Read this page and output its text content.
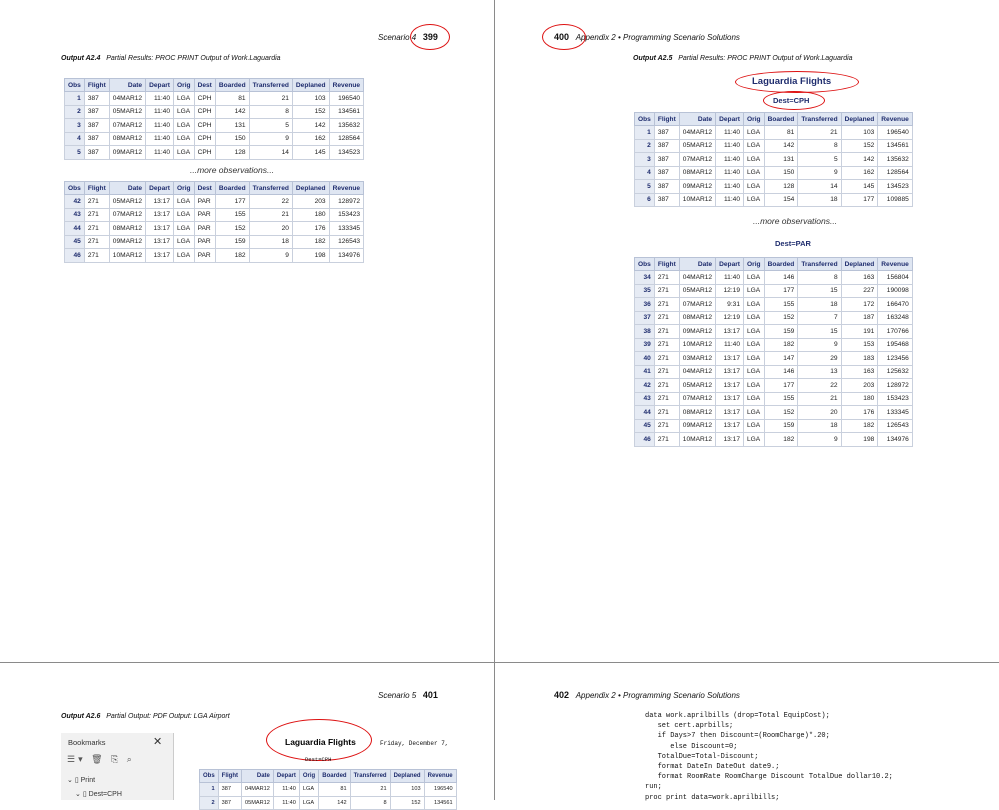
Scenario 4 399
Output A2.4 Partial Results: PROC PRINT Output of Work.Laguardia
Obs	Flight	Date	Depart	Orig	Dest	Boarded	Transferred	Deplaned	Revenue
1	387	04MAR12	11:40	LGA	CPH	81	21	103	196540
2	387	05MAR12	11:40	LGA	CPH	142	8	152	134561
3	387	07MAR12	11:40	LGA	CPH	131	5	142	135632
4	387	08MAR12	11:40	LGA	CPH	150	9	162	128564
5	387	09MAR12	11:40	LGA	CPH	128	14	145	134523
...more observations...
Obs	Flight	Date	Depart	Orig	Dest	Boarded	Transferred	Deplaned	Revenue
42	271	05MAR12	13:17	LGA	PAR	177	22	203	128972
43	271	07MAR12	13:17	LGA	PAR	155	21	180	153423
44	271	08MAR12	13:17	LGA	PAR	152	20	176	133345
45	271	09MAR12	13:17	LGA	PAR	159	18	182	126543
46	271	10MAR12	13:17	LGA	PAR	182	9	198	134976
400 Appendix 2 • Programming Scenario Solutions
Output A2.5 Partial Results: PROC PRINT Output of Work.Laguardia
Laguardia Flights
Dest=CPH
Obs	Flight	Date	Depart	Orig	Boarded	Transferred	Deplaned	Revenue
1	387	04MAR12	11:40	LGA	81	21	103	196540
2	387	05MAR12	11:40	LGA	142	8	152	134561
3	387	07MAR12	11:40	LGA	131	5	142	135632
4	387	08MAR12	11:40	LGA	150	9	162	128564
5	387	09MAR12	11:40	LGA	128	14	145	134523
6	387	10MAR12	11:40	LGA	154	18	177	109885
...more observations...
Dest=PAR
Obs	Flight	Date	Depart	Orig	Boarded	Transferred	Deplaned	Revenue
34	271	04MAR12	11:40	LGA	146	8	163	156804
35	271	05MAR12	12:19	LGA	177	15	227	190098
36	271	07MAR12	9:31	LGA	155	18	172	166470
37	271	08MAR12	12:19	LGA	152	7	187	163248
38	271	09MAR12	13:17	LGA	159	15	191	170766
39	271	10MAR12	11:40	LGA	182	9	153	195468
40	271	03MAR12	13:17	LGA	147	29	183	123456
41	271	04MAR12	13:17	LGA	146	13	163	125632
42	271	05MAR12	13:17	LGA	177	22	203	128972
43	271	07MAR12	13:17	LGA	155	21	180	153423
44	271	08MAR12	13:17	LGA	152	20	176	133345
45	271	09MAR12	13:17	LGA	159	18	182	126543
46	271	10MAR12	13:17	LGA	182	9	198	134976
Scenario 5 401
Output A2.6 Partial Output: PDF Output: LGA Airport
Bookmarks	✕
☰▾ 🗑 ⎘ ⌕
⌄ ▯ Print
⌄ ▯ Dest=CPH
Laguardia Flights	Friday, December 7,
Dest=CPH
Obs	Flight	Date	Depart	Orig	Boarded	Transferred	Deplaned	Revenue
1	387	04MAR12	11:40	LGA	81	21	103	196540
2	387	05MAR12	11:40	LGA	142	8	152	134561
402 Appendix 2 • Programming Scenario Solutions
data work.aprilbills (drop=Total EquipCost);
set cert.aprbills;
if Days>7 then Discount=(RoomCharge)*.20;
else Discount=0;
TotalDue=Total-Discount;
format DateIn DateOut date9.;
format RoomRate RoomCharge Discount TotalDue dollar10.2;
run;
proc print data=work.aprilbills;
